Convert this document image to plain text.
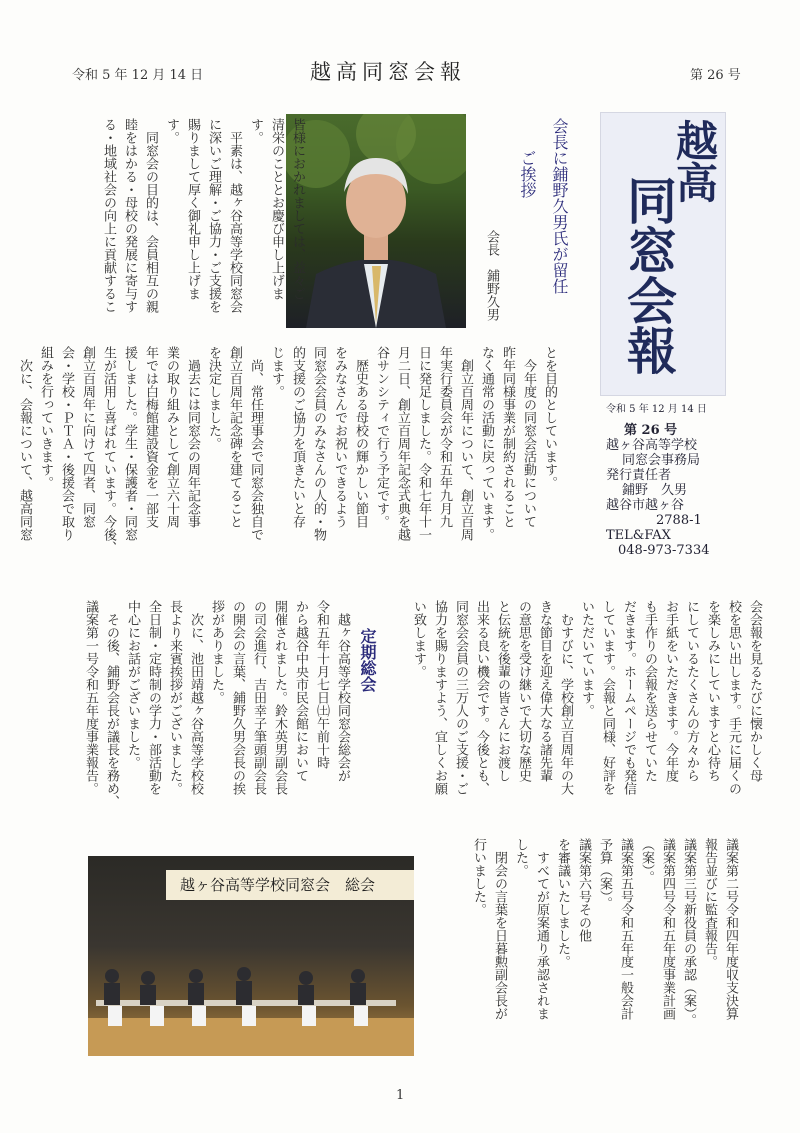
令和 5 年 12 月 14 日	越高同窓会報	第 26 号
会長に鋪野久男氏が留任
ご挨拶
会長　鋪野久男
皆様におかれましては、益々ご
清栄のこととお慶び申し上げま
す。
　平素は、越ヶ谷高等学校同窓会
に深いご理解・ご協力・ご支援を
賜りまして厚く御礼申し上げま
す。
　同窓会の目的は、会員相互の親
睦をはかる・母校の発展に寄与す
る・地域社会の向上に貢献するこ
とを目的としています。
　今年度の同窓会活動について
昨年同様事業が制約されること
なく通常の活動に戻っています。
　創立百周年について、創立百周
年実行委員会が令和五年九月九
日に発足しました。令和七年十一
月二日、創立百周年記念式典を越
谷サンシティで行う予定です。
　歴史ある母校の輝かしい節目
をみなさんでお祝いできるよう
同窓会会員のみなさんの人的・物
的支援のご協力を頂きたいと存
じます。
　尚、常任理事会で同窓会独自で
創立百周年記念碑を建てること
を決定しました。
　過去には同窓会の周年記念事
業の取り組みとして創立六十周
年では白梅館建設資金を一部支
援しました。学生・保護者・同窓
生が活用し喜ばれています。今後、
創立百周年に向けて四者、同窓
会・学校・ＰＴＡ・後援会で取り
組みを行っていきます。
　次に、会報について、越高同窓
越高
同窓会報
令和 5 年 12 月 14 日
第 26 号
越ヶ谷高等学校
同窓会事務局
発行責任者
鋪野　久男
越谷市越ヶ谷
2788-1
TEL&FAX
048-973-7334
会会報を見るたびに懐かしく母
校を思い出します。手元に届くの
を楽しみにしていますと心待ち
にしているたくさんの方々から
お手紙をいただきます。今年度
も手作りの会報を送らせていた
だきます。ホームページでも発信
しています。会報と同様、好評を
いただいています。
　むすびに、学校創立百周年の大
きな節目を迎え偉大なる諸先輩
の意思を受け継いで大切な歴史
と伝統を後輩の皆さんにお渡し
出来る良い機会です。今後とも、
同窓会会員の三万人のご支援・ご
協力を賜りますよう、宜しくお願
い致します。
定期総会
　越ヶ谷高等学校同窓会総会が
令和五年十月七日㈯午前十時
から越谷中央市民会館において
開催されました。鈴木英男副会長
の司会進行、吉田幸子筆頭副会長
の開会の言葉、鋪野久男会長の挨
拶がありました。
　次に、池田靖越ヶ谷高等学校校
長より来賓挨拶がございました。
全日制・定時制の学力・部活動を
中心にお話がございました。
　その後、鋪野会長が議長を務め、
議案第一号令和五年度事業報告。
議案第二号令和四年度収支決算
報告並びに監査報告。
議案第三号新役員の承認（案）。
議案第四号令和五年度事業計画
（案）。
議案第五号令和五年度一般会計
予算（案）。
議案第六号その他
を審議いたしました。
　すべてが原案通り承認されま
した。
　閉会の言葉を日暮勲副会長が
行いました。
越ヶ谷高等学校同窓会　総会
1
